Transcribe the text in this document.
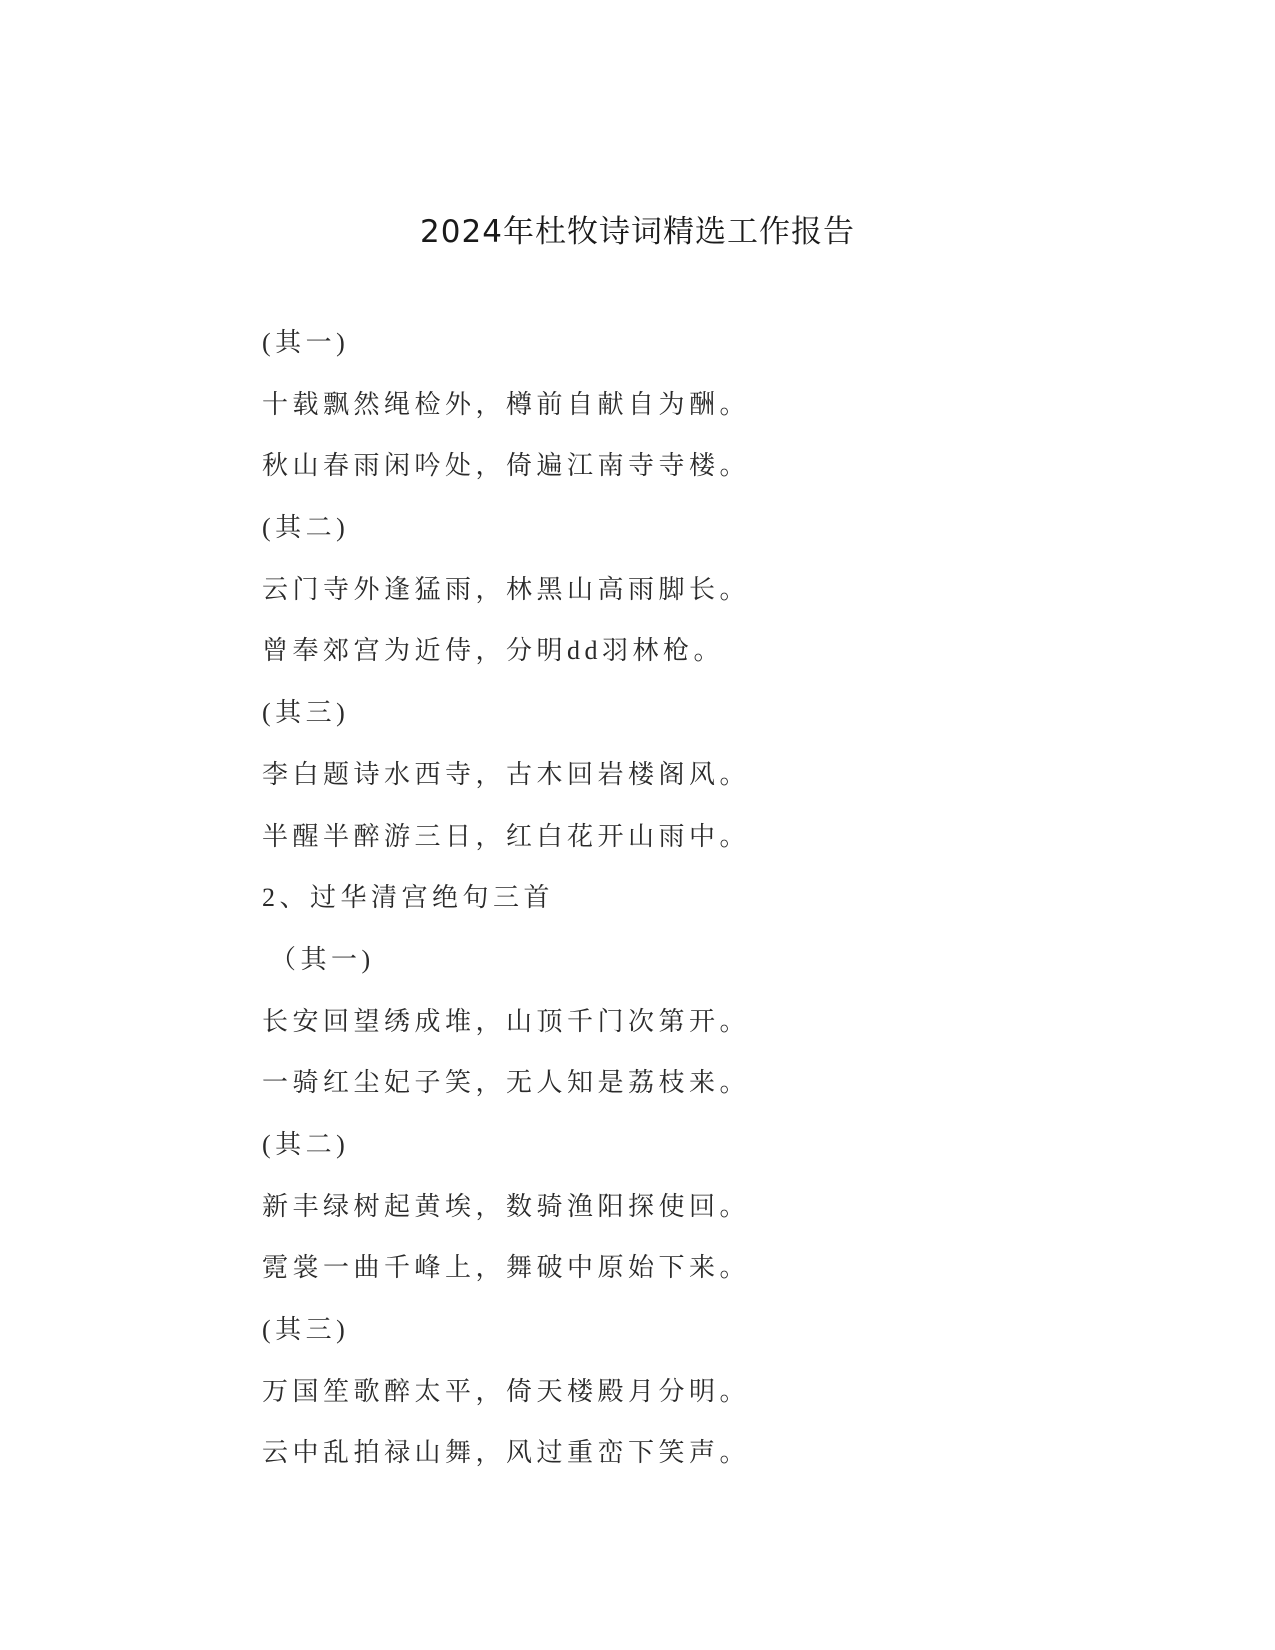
2024年杜牧诗词精选工作报告
(其一)
十载飘然绳检外，樽前自献自为酬。
秋山春雨闲吟处，倚遍江南寺寺楼。
(其二)
云门寺外逢猛雨，林黑山高雨脚长。
曾奉郊宫为近侍，分明dd羽林枪。
(其三)
李白题诗水西寺，古木回岩楼阁风。
半醒半醉游三日，红白花开山雨中。
2、过华清宫绝句三首
（其一)
长安回望绣成堆，山顶千门次第开。
一骑红尘妃子笑，无人知是荔枝来。
(其二)
新丰绿树起黄埃，数骑渔阳探使回。
霓裳一曲千峰上，舞破中原始下来。
(其三)
万国笙歌醉太平，倚天楼殿月分明。
云中乱拍禄山舞，风过重峦下笑声。
